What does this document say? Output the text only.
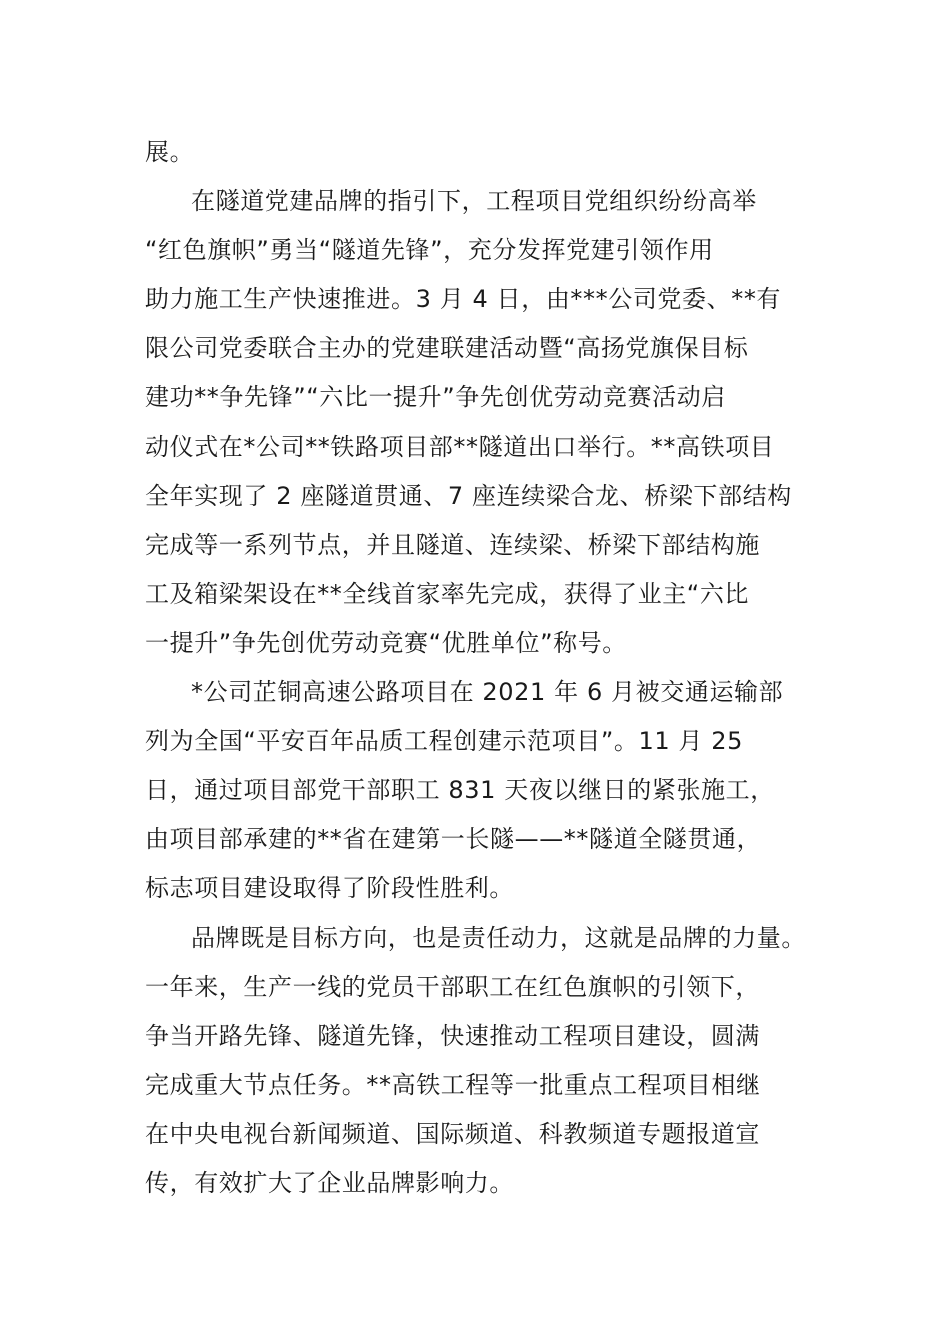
展。
在隧道党建品牌的指引下，工程项目党组织纷纷高举
“红色旗帜”勇当“隧道先锋”，充分发挥党建引领作用
助力施工生产快速推进。3 月 4 日，由***公司党委、**有
限公司党委联合主办的党建联建活动暨“高扬党旗保目标
建功**争先锋”“六比一提升”争先创优劳动竞赛活动启
动仪式在*公司**铁路项目部**隧道出口举行。**高铁项目
全年实现了 2 座隧道贯通、7 座连续梁合龙、桥梁下部结构
完成等一系列节点，并且隧道、连续梁、桥梁下部结构施
工及箱梁架设在**全线首家率先完成，获得了业主“六比
一提升”争先创优劳动竞赛“优胜单位”称号。
*公司芷铜高速公路项目在 2021 年 6 月被交通运输部
列为全国“平安百年品质工程创建示范项目”。11 月 25
日，通过项目部党干部职工 831 天夜以继日的紧张施工，
由项目部承建的**省在建第一长隧——**隧道全隧贯通，
标志项目建设取得了阶段性胜利。
品牌既是目标方向，也是责任动力，这就是品牌的力量。
一年来，生产一线的党员干部职工在红色旗帜的引领下，
争当开路先锋、隧道先锋，快速推动工程项目建设，圆满
完成重大节点任务。**高铁工程等一批重点工程项目相继
在中央电视台新闻频道、国际频道、科教频道专题报道宣
传，有效扩大了企业品牌影响力。
